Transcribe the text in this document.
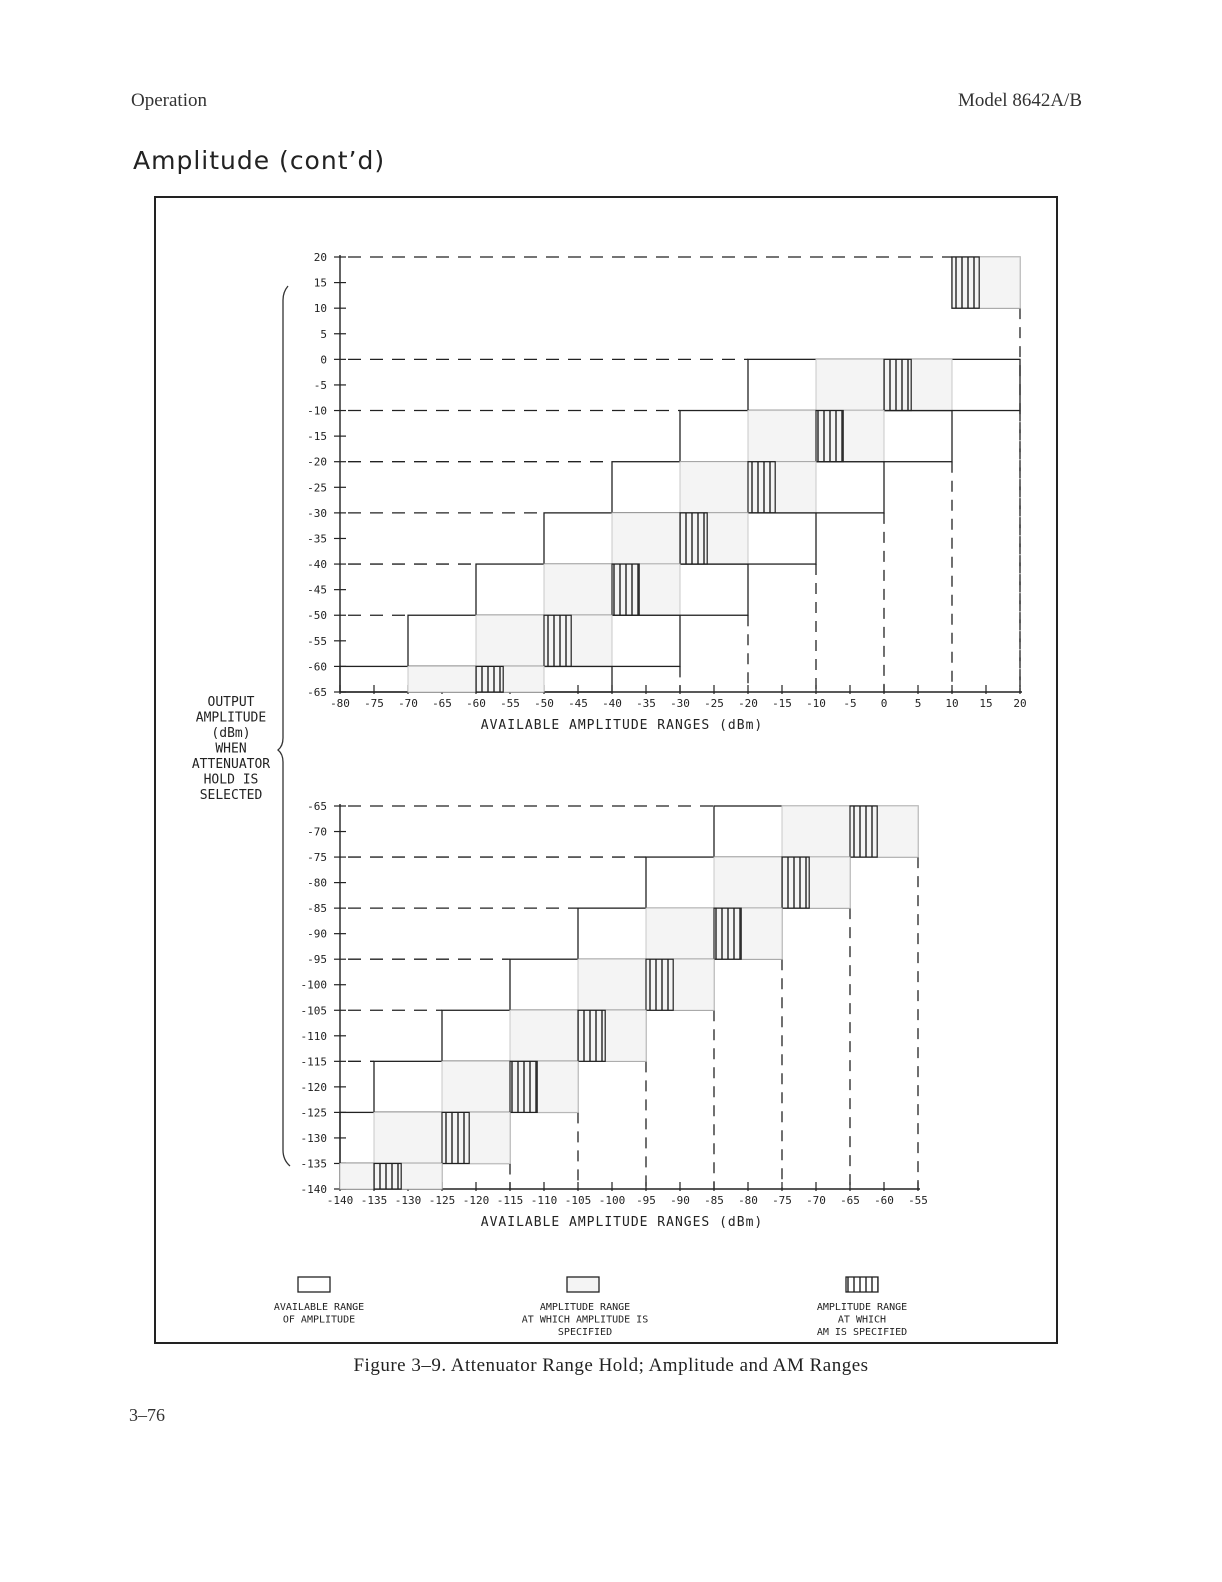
Operation	Model 8642A/B
Amplitude (cont’d)
OUTPUT
AMPLITUDE
(dBm)
WHEN
ATTENUATOR
HOLD IS
SELECTED
20
15
10
5
0
-5
-10
-15
-20
-25
-30
-35
-40
-45
-50
-55
-60
-65
-80 -75 -70 -65 -60 -55 -50 -45 -40 -35 -30 -25 -20 -15 -10 -5 0 5 10 15 20
AVAILABLE AMPLITUDE RANGES (dBm)
-65
-70
-75
-80
-85
-90
-95
-100
-105
-110
-115
-120
-125
-130
-135
-140
-140 -135 -130 -125 -120 -115 -110 -105 -100 -95 -90 -85 -80 -75 -70 -65 -60 -55
AVAILABLE AMPLITUDE RANGES (dBm)
AVAILABLE RANGE
OF AMPLITUDE
AMPLITUDE RANGE
AT WHICH AMPLITUDE IS
SPECIFIED
AMPLITUDE RANGE
AT WHICH
AM IS SPECIFIED
Figure 3–9. Attenuator Range Hold; Amplitude and AM Ranges
3–76
